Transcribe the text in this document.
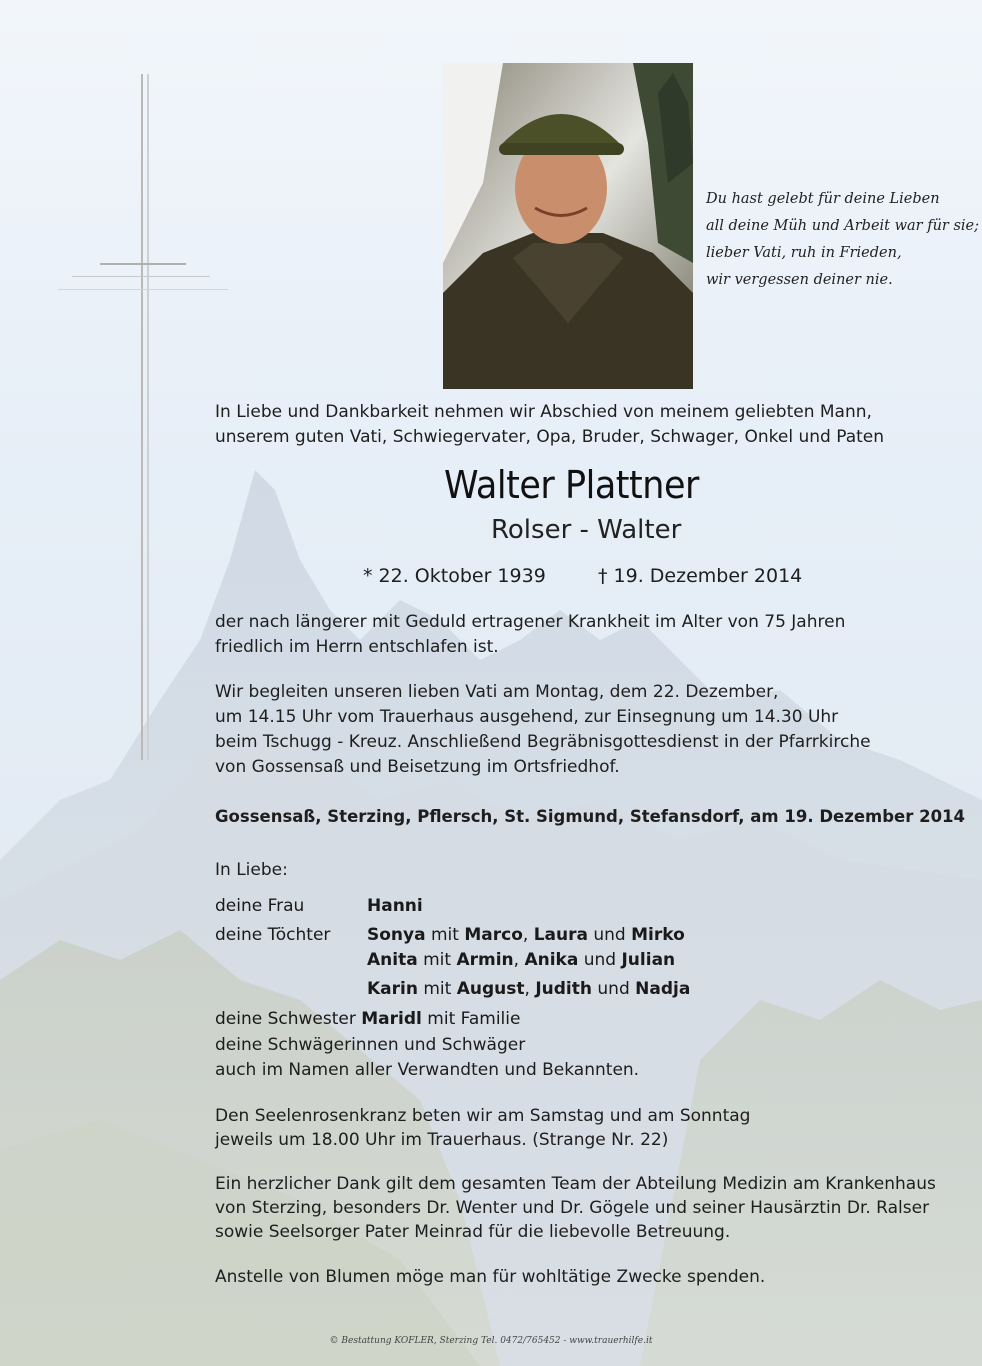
Du hast gelebt für deine Lieben
all deine Müh und Arbeit war für sie;
lieber Vati, ruh in Frieden,
wir vergessen deiner nie.
In Liebe und Dankbarkeit nehmen wir Abschied von meinem geliebten Mann,
unserem guten Vati, Schwiegervater, Opa, Bruder, Schwager, Onkel und Paten
Walter Plattner
Rolser - Walter
* 22. Oktober 1939	† 19. Dezember 2014
der nach längerer mit Geduld ertragener Krankheit im Alter von 75 Jahren
friedlich im Herrn entschlafen ist.
Wir begleiten unseren lieben Vati am Montag, dem 22. Dezember,
um 14.15 Uhr vom Trauerhaus ausgehend, zur Einsegnung um 14.30 Uhr
beim Tschugg - Kreuz. Anschließend Begräbnisgottesdienst in der Pfarrkirche
von Gossensaß und Beisetzung im Ortsfriedhof.
Gossensaß, Sterzing, Pflersch, St. Sigmund, Stefansdorf, am 19. Dezember 2014
In Liebe:
deine Frau	Hanni
deine Töchter Sonya mit Marco, Laura und Mirko
Anita mit Armin, Anika und Julian
Karin mit August, Judith und Nadja
deine Schwester Maridl mit Familie
deine Schwägerinnen und Schwäger
auch im Namen aller Verwandten und Bekannten.
Den Seelenrosenkranz beten wir am Samstag und am Sonntag
jeweils um 18.00 Uhr im Trauerhaus. (Strange Nr. 22)
Ein herzlicher Dank gilt dem gesamten Team der Abteilung Medizin am Krankenhaus
von Sterzing, besonders Dr. Wenter und Dr. Gögele und seiner Hausärztin Dr. Ralser
sowie Seelsorger Pater Meinrad für die liebevolle Betreuung.
Anstelle von Blumen möge man für wohltätige Zwecke spenden.
© Bestattung KOFLER, Sterzing Tel. 0472/765452 - www.trauerhilfe.it
